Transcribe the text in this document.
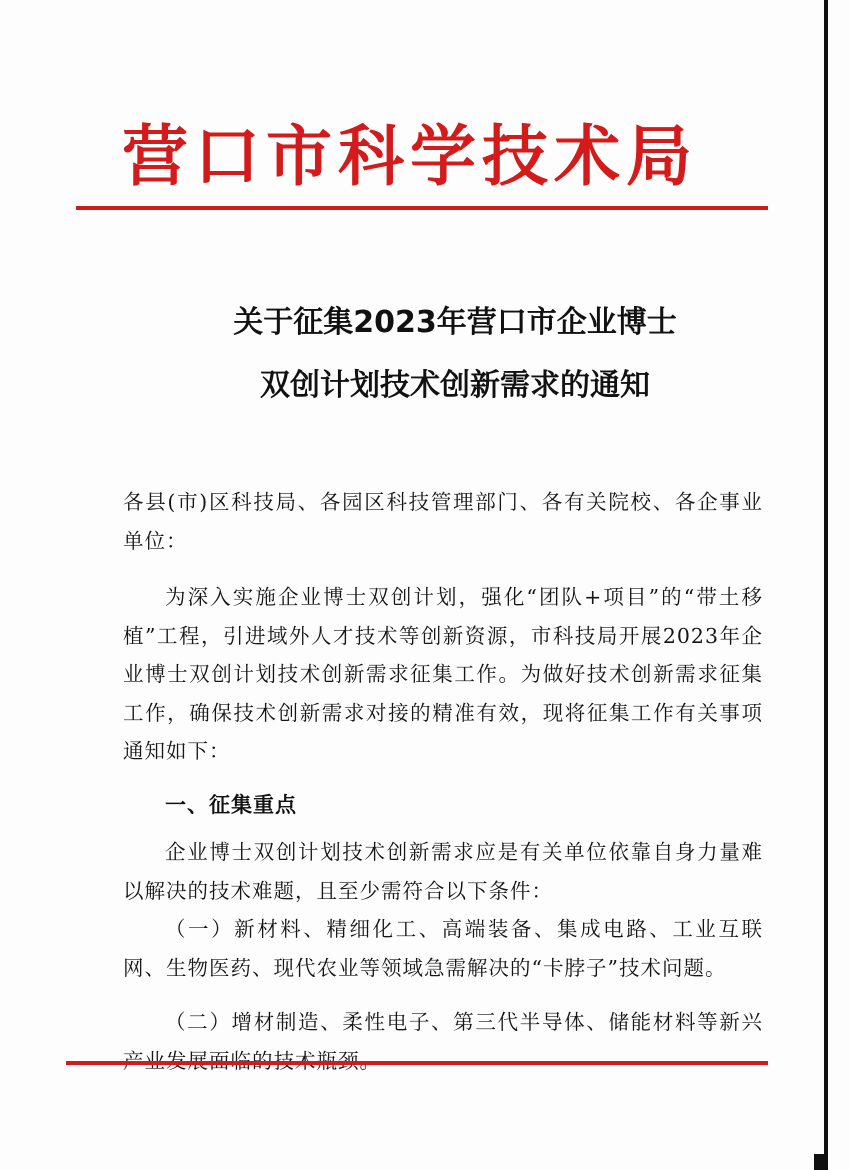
营口市科学技术局
关于征集2023年营口市企业博士
双创计划技术创新需求的通知
各县(市)区科技局、各园区科技管理部门、各有关院校、各企事业单位：
为深入实施企业博士双创计划，强化“团队+项目”的“带土移植”工程，引进域外人才技术等创新资源，市科技局开展2023年企业博士双创计划技术创新需求征集工作。为做好技术创新需求征集工作，确保技术创新需求对接的精准有效，现将征集工作有关事项通知如下：
一、征集重点
企业博士双创计划技术创新需求应是有关单位依靠自身力量难以解决的技术难题，且至少需符合以下条件：
（一）新材料、精细化工、高端装备、集成电路、工业互联网、生物医药、现代农业等领域急需解决的“卡脖子”技术问题。
（二）增材制造、柔性电子、第三代半导体、储能材料等新兴
